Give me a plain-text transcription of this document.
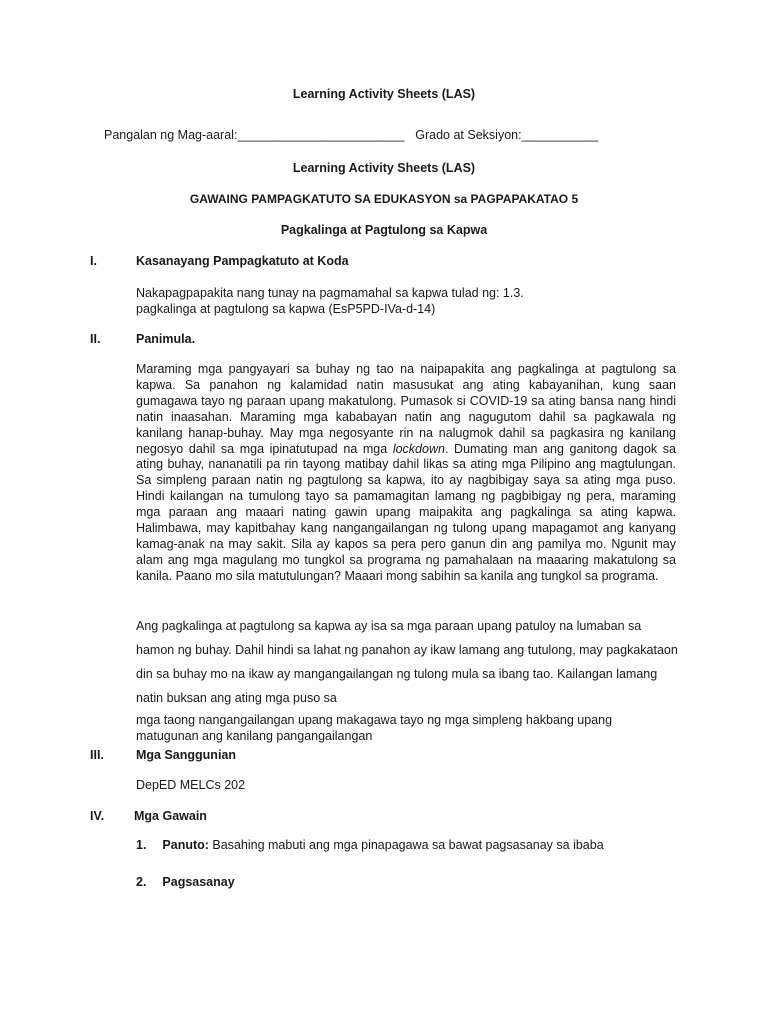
Learning Activity Sheets (LAS)
Pangalan ng Mag-aaral:________________________ Grado at Seksiyon:___________
Learning Activity Sheets (LAS)
GAWAING PAMPAGKATUTO SA EDUKASYON sa PAGPAPAKATAO 5
Pagkalinga at Pagtulong sa Kapwa
I.	Kasanayang Pampagkatuto at Koda
Nakapagpapakita nang tunay na pagmamahal sa kapwa tulad ng: 1.3.
pagkalinga at pagtulong sa kapwa (EsP5PD-IVa-d-14)
II.	Panimula.
Maraming mga pangyayari sa buhay ng tao na naipapakita ang pagkalinga at pagtulong sa kapwa. Sa panahon ng kalamidad natin masusukat ang ating kabayanihan, kung saan gumagawa tayo ng paraan upang makatulong. Pumasok si COVID-19 sa ating bansa nang hindi natin inaasahan. Maraming mga kababayan natin ang nagugutom dahil sa pagkawala ng kanilang hanap-buhay. May mga negosyante rin na nalugmok dahil sa pagkasira ng kanilang negosyo dahil sa mga ipinatutupad na mga lockdown. Dumating man ang ganitong dagok sa ating buhay, nananatili pa rin tayong matibay dahil likas sa ating mga Pilipino ang magtulungan. Sa simpleng paraan natin ng pagtulong sa kapwa, ito ay nagbibigay saya sa ating mga puso. Hindi kailangan na tumulong tayo sa pamamagitan lamang ng pagbibigay ng pera, maraming mga paraan ang maaari nating gawin upang maipakita ang pagkalinga sa ating kapwa. Halimbawa, may kapitbahay kang nangangailangan ng tulong upang mapagamot ang kanyang kamag-anak na may sakit. Sila ay kapos sa pera pero ganun din ang pamilya mo. Ngunit may alam ang mga magulang mo tungkol sa programa ng pamahalaan na maaaring makatulong sa kanila. Paano mo sila matutulungan? Maaari mong sabihin sa kanila ang tungkol sa programa.
Ang pagkalinga at pagtulong sa kapwa ay isa sa mga paraan upang patuloy na lumaban sa hamon ng buhay. Dahil hindi sa lahat ng panahon ay ikaw lamang ang tutulong, may pagkakataon din sa buhay mo na ikaw ay mangangailangan ng tulong mula sa ibang tao. Kailangan lamang natin buksan ang ating mga puso sa
mga taong nangangailangan upang makagawa tayo ng mga simpleng hakbang upang matugunan ang kanilang pangangailangan
III.	Mga Sanggunian
DepED MELCs 202
IV. Mga Gawain
1. Panuto: Basahing mabuti ang mga pinapagawa sa bawat pagsasanay sa ibaba
2. Pagsasanay
